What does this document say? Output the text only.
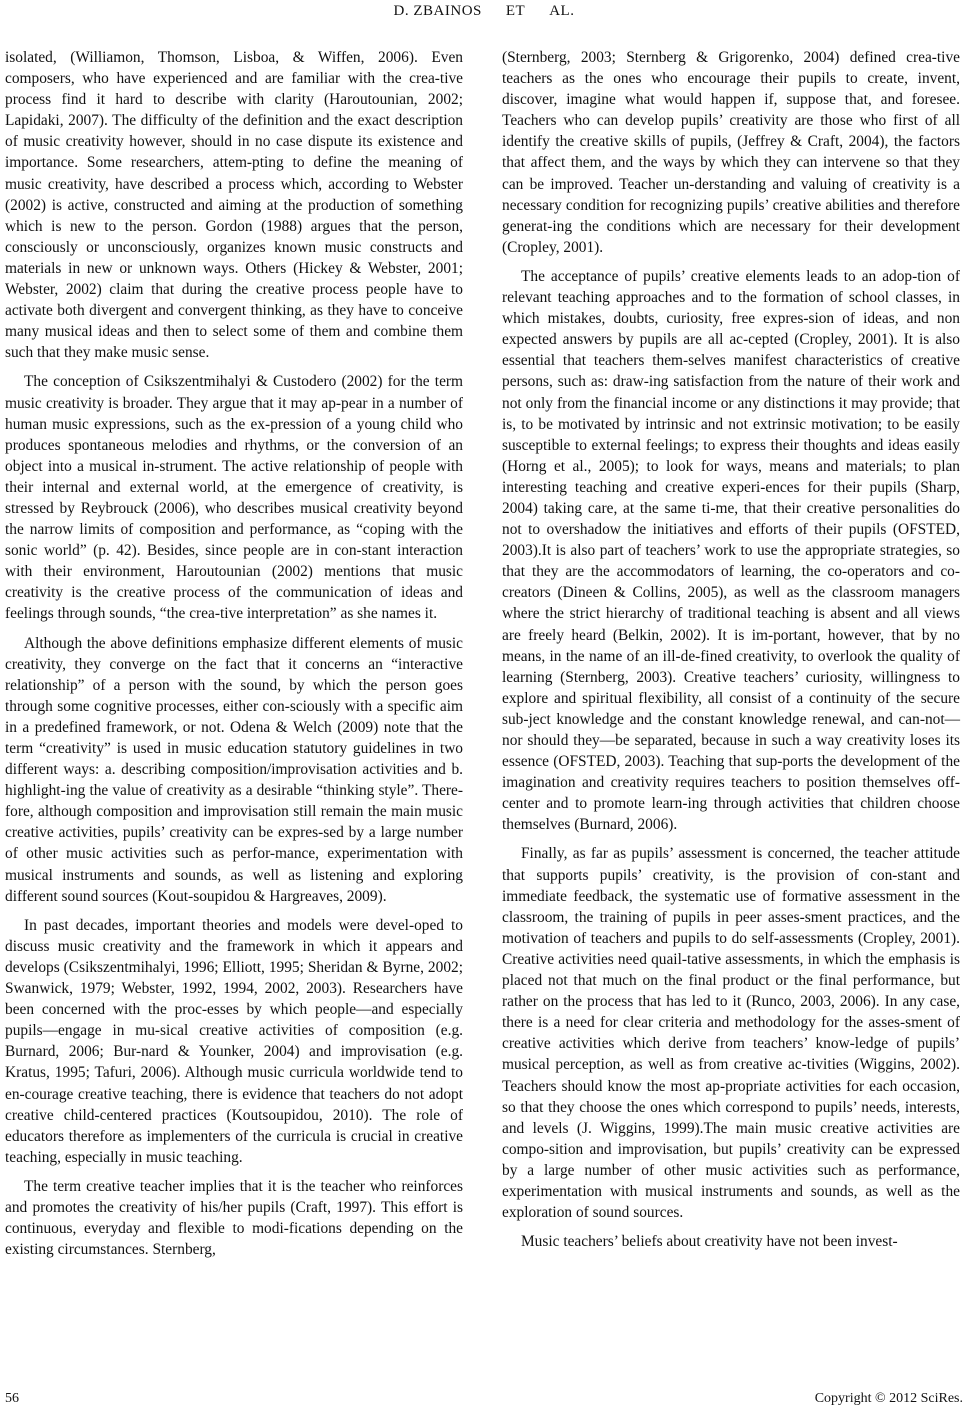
D. ZBAINOS ET AL.

isolated, (Williamon, Thomson, Lisboa, & Wiffen, 2006). Even composers, who have experienced and are familiar with the crea-tive process find it hard to describe with clarity (Haroutounian, 2002; Lapidaki, 2007). The difficulty of the definition and the exact description of music creativity however, should in no case dispute its existence and importance. Some researchers, attem-pting to define the meaning of music creativity, have described a process which, according to Webster (2002) is active, constructed and aiming at the production of something which is new to the person. Gordon (1988) argues that the person, consciously or unconsciously, organizes known music constructs and materials in new or unknown ways. Others (Hickey & Webster, 2001; Webster, 2002) claim that during the creative process people have to activate both divergent and convergent thinking, as they have to conceive many musical ideas and then to select some of them and combine them such that they make music sense.

The conception of Csikszentmihalyi & Custodero (2002) for the term music creativity is broader. They argue that it may ap-pear in a number of human music expressions, such as the ex-pression of a young child who produces spontaneous melodies and rhythms, or the conversion of an object into a musical in-strument. The active relationship of people with their internal and external world, at the emergence of creativity, is stressed by Reybrouck (2006), who describes musical creativity beyond the narrow limits of composition and performance, as “coping with the sonic world” (p. 42). Besides, since people are in con-stant interaction with their environment, Haroutounian (2002) mentions that music creativity is the creative process of the communication of ideas and feelings through sounds, “the crea-tive interpretation” as she names it.

Although the above definitions emphasize different elements of music creativity, they converge on the fact that it concerns an “interactive relationship” of a person with the sound, by which the person goes through some cognitive processes, either con-sciously with a specific aim in a predefined framework, or not. Odena & Welch (2009) note that the term “creativity” is used in music education statutory guidelines in two different ways: a. describing composition/improvisation activities and b. highlight-ing the value of creativity as a desirable “thinking style”. There-fore, although composition and improvisation still remain the main music creative activities, pupils’ creativity can be expres-sed by a large number of other music activities such as perfor-mance, experimentation with musical instruments and sounds, as well as listening and exploring different sound sources (Kout-soupidou & Hargreaves, 2009).

In past decades, important theories and models were devel-oped to discuss music creativity and the framework in which it appears and develops (Csikszentmihalyi, 1996; Elliott, 1995; Sheridan & Byrne, 2002; Swanwick, 1979; Webster, 1992, 1994, 2002, 2003). Researchers have been concerned with the proc-esses by which people—and especially pupils—engage in mu-sical creative activities of composition (e.g. Burnard, 2006; Bur-nard & Younker, 2004) and improvisation (e.g. Kratus, 1995; Tafuri, 2006). Although music curricula worldwide tend to en-courage creative teaching, there is evidence that teachers do not adopt creative child-centered practices (Koutsoupidou, 2010). The role of educators therefore as implementers of the curricula is crucial in creative teaching, especially in music teaching.

The term creative teacher implies that it is the teacher who reinforces and promotes the creativity of his/her pupils (Craft, 1997). This effort is continuous, everyday and flexible to modi-fications depending on the existing circumstances. Sternberg,

(Sternberg, 2003; Sternberg & Grigorenko, 2004) defined crea-tive teachers as the ones who encourage their pupils to create, invent, discover, imagine what would happen if, suppose that, and foresee. Teachers who can develop pupils’ creativity are those who first of all identify the creative skills of pupils, (Jeffrey & Craft, 2004), the factors that affect them, and the ways by which they can intervene so that they can be improved. Teacher un-derstanding and valuing of creativity is a necessary condition for recognizing pupils’ creative abilities and therefore generat-ing the conditions which are necessary for their development (Cropley, 2001).

The acceptance of pupils’ creative elements leads to an adop-tion of relevant teaching approaches and to the formation of school classes, in which mistakes, doubts, curiosity, free expres-sion of ideas, and non expected answers by pupils are all ac-cepted (Cropley, 2001). It is also essential that teachers them-selves manifest characteristics of creative persons, such as: draw-ing satisfaction from the nature of their work and not only from the financial income or any distinctions it may provide; that is, to be motivated by intrinsic and not extrinsic motivation; to be easily susceptible to external feelings; to express their thoughts and ideas easily (Horng et al., 2005); to look for ways, means and materials; to plan interesting teaching and creative experi-ences for their pupils (Sharp, 2004) taking care, at the same ti-me, that their creative personalities do not to overshadow the initiatives and efforts of their pupils (OFSTED, 2003).It is also part of teachers’ work to use the appropriate strategies, so that they are the accommodators of learning, the co-operators and co-creators (Dineen & Collins, 2005), as well as the classroom managers where the strict hierarchy of traditional teaching is absent and all views are freely heard (Belkin, 2002). It is im-portant, however, that by no means, in the name of an ill-de-fined creativity, to overlook the quality of learning (Sternberg, 2003). Creative teachers’ curiosity, willingness to explore and spiritual flexibility, all consist of a continuity of the secure sub-ject knowledge and the constant knowledge renewal, and can-not—nor should they—be separated, because in such a way creativity loses its essence (OFSTED, 2003). Teaching that sup-ports the development of the imagination and creativity requires teachers to position themselves off-center and to promote learn-ing through activities that children choose themselves (Burnard, 2006).

Finally, as far as pupils’ assessment is concerned, the teacher attitude that supports pupils’ creativity, is the provision of con-stant and immediate feedback, the systematic use of formative assessment in the classroom, the training of pupils in peer asses-sment practices, and the motivation of teachers and pupils to do self-assessments (Cropley, 2001). Creative activities need quail-tative assessments, in which the emphasis is placed not that much on the final product or the final performance, but rather on the process that has led to it (Runco, 2003, 2006). In any case, there is a need for clear criteria and methodology for the asses-sment of creative activities which derive from teachers’ know-ledge of pupils’ musical perception, as well as from creative ac-tivities (Wiggins, 2002). Teachers should know the most ap-propriate activities for each occasion, so that they choose the ones which correspond to pupils’ needs, interests, and levels (J. Wiggins, 1999).The main music creative activities are compo-sition and improvisation, but pupils’ creativity can be expressed by a large number of other music activities such as performance, experimentation with musical instruments and sounds, as well as the exploration of sound sources.

Music teachers’ beliefs about creativity have not been invest-

56	Copyright © 2012 SciRes.
